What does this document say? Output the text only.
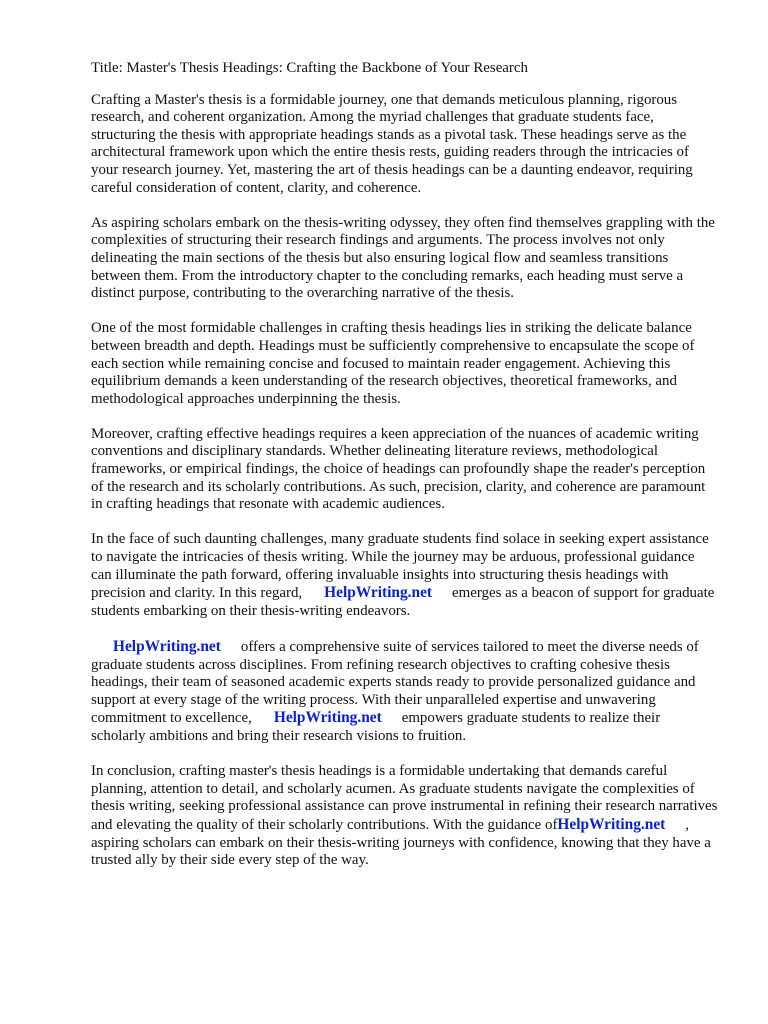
Title: Master's Thesis Headings: Crafting the Backbone of Your Research

Crafting a Master's thesis is a formidable journey, one that demands meticulous planning, rigorous research, and coherent organization. Among the myriad challenges that graduate students face, structuring the thesis with appropriate headings stands as a pivotal task. These headings serve as the architectural framework upon which the entire thesis rests, guiding readers through the intricacies of your research journey. Yet, mastering the art of thesis headings can be a daunting endeavor, requiring careful consideration of content, clarity, and coherence.

As aspiring scholars embark on the thesis-writing odyssey, they often find themselves grappling with the complexities of structuring their research findings and arguments. The process involves not only delineating the main sections of the thesis but also ensuring logical flow and seamless transitions between them. From the introductory chapter to the concluding remarks, each heading must serve a distinct purpose, contributing to the overarching narrative of the thesis.

One of the most formidable challenges in crafting thesis headings lies in striking the delicate balance between breadth and depth. Headings must be sufficiently comprehensive to encapsulate the scope of each section while remaining concise and focused to maintain reader engagement. Achieving this equilibrium demands a keen understanding of the research objectives, theoretical frameworks, and methodological approaches underpinning the thesis.

Moreover, crafting effective headings requires a keen appreciation of the nuances of academic writing conventions and disciplinary standards. Whether delineating literature reviews, methodological frameworks, or empirical findings, the choice of headings can profoundly shape the reader's perception of the research and its scholarly contributions. As such, precision, clarity, and coherence are paramount in crafting headings that resonate with academic audiences.

In the face of such daunting challenges, many graduate students find solace in seeking expert assistance to navigate the intricacies of thesis writing. While the journey may be arduous, professional guidance can illuminate the path forward, offering invaluable insights into structuring thesis headings with precision and clarity. In this regard, HelpWriting.net emerges as a beacon of support for graduate students embarking on their thesis-writing endeavors.

HelpWriting.net offers a comprehensive suite of services tailored to meet the diverse needs of graduate students across disciplines. From refining research objectives to crafting cohesive thesis headings, their team of seasoned academic experts stands ready to provide personalized guidance and support at every stage of the writing process. With their unparalleled expertise and unwavering commitment to excellence, HelpWriting.net empowers graduate students to realize their scholarly ambitions and bring their research visions to fruition.

In conclusion, crafting master's thesis headings is a formidable undertaking that demands careful planning, attention to detail, and scholarly acumen. As graduate students navigate the complexities of thesis writing, seeking professional assistance can prove instrumental in refining their research narratives and elevating the quality of their scholarly contributions. With the guidance ofHelpWriting.net , aspiring scholars can embark on their thesis-writing journeys with confidence, knowing that they have a trusted ally by their side every step of the way.
